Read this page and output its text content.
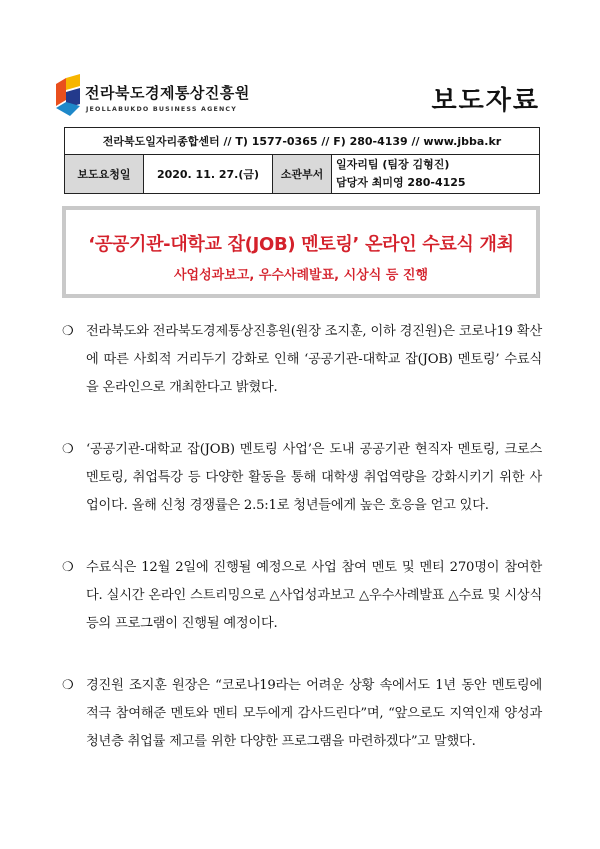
전라북도경제통상진흥원
JEOLLABUKDO BUSINESS AGENCY	보도자료
전라북도일자리종합센터 // T) 1577-0365 // F) 280-4139 // www.jbba.kr
보도요청일	2020. 11. 27.(금)	소관부서	
일자리팀 (팀장 김형진)
담당자 최미영 280-4125
‘공공기관-대학교 잡(JOB) 멘토링’ 온라인 수료식 개최
사업성과보고, 우수사례발표, 시상식 등 진행

❍ 전라북도와 전라북도경제통상진흥원(원장 조지훈, 이하 경진원)은 코로나19 확산에 따른 사회적 거리두기 강화로 인해 ‘공공기관-대학교 잡(JOB) 멘토링’ 수료식을 온라인으로 개최한다고 밝혔다.

❍ ‘공공기관-대학교 잡(JOB) 멘토링 사업’은 도내 공공기관 현직자 멘토링, 크로스멘토링, 취업특강 등 다양한 활동을 통해 대학생 취업역량을 강화시키기 위한 사업이다. 올해 신청 경쟁률은 2.5:1로 청년들에게 높은 호응을 얻고 있다.

❍ 수료식은 12월 2일에 진행될 예정으로 사업 참여 멘토 및 멘티 270명이 참여한다. 실시간 온라인 스트리밍으로 △사업성과보고 △우수사례발표 △수료 및 시상식 등의 프로그램이 진행될 예정이다.

❍ 경진원 조지훈 원장은 “코로나19라는 어려운 상황 속에서도 1년 동안 멘토링에 적극 참여해준 멘토와 멘티 모두에게 감사드린다”며, “앞으로도 지역인재 양성과 청년층 취업률 제고를 위한 다양한 프로그램을 마련하겠다”고 말했다.
